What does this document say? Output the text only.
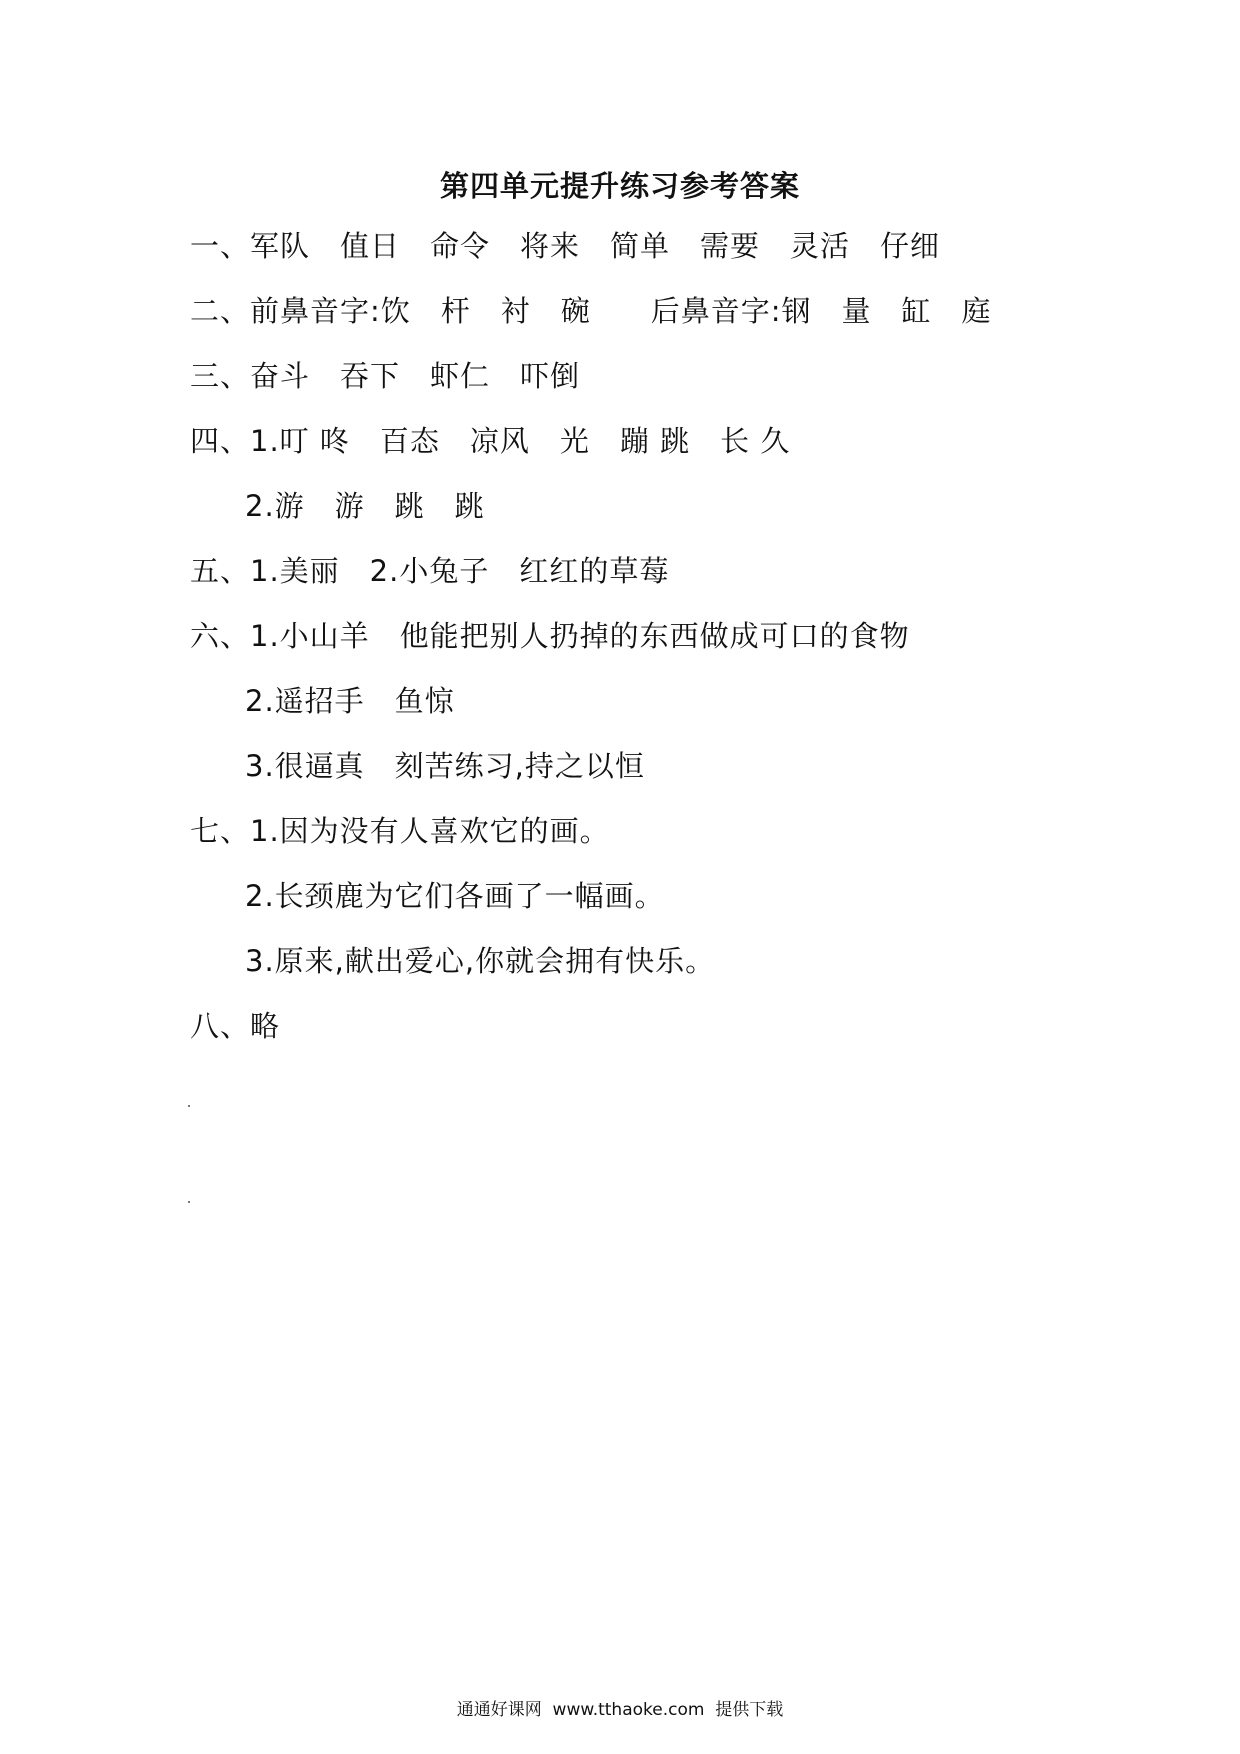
第四单元提升练习参考答案
一、军队　值日　命令　将来　简单　需要　灵活　仔细
二、前鼻音字:饮　杆　衬　碗　　后鼻音字:钢　量　缸　庭
三、奋斗　吞下　虾仁　吓倒
四、1.叮 咚　百态　凉风　光　蹦 跳　长 久
2.游　游　跳　跳
五、1.美丽　2.小兔子　红红的草莓
六、1.小山羊　他能把别人扔掉的东西做成可口的食物
2.遥招手　鱼惊
3.很逼真　刻苦练习,持之以恒
七、1.因为没有人喜欢它的画。
2.长颈鹿为它们各画了一幅画。
3.原来,献出爱心,你就会拥有快乐。
八、略
通通好课网  www.tthaoke.com  提供下载
